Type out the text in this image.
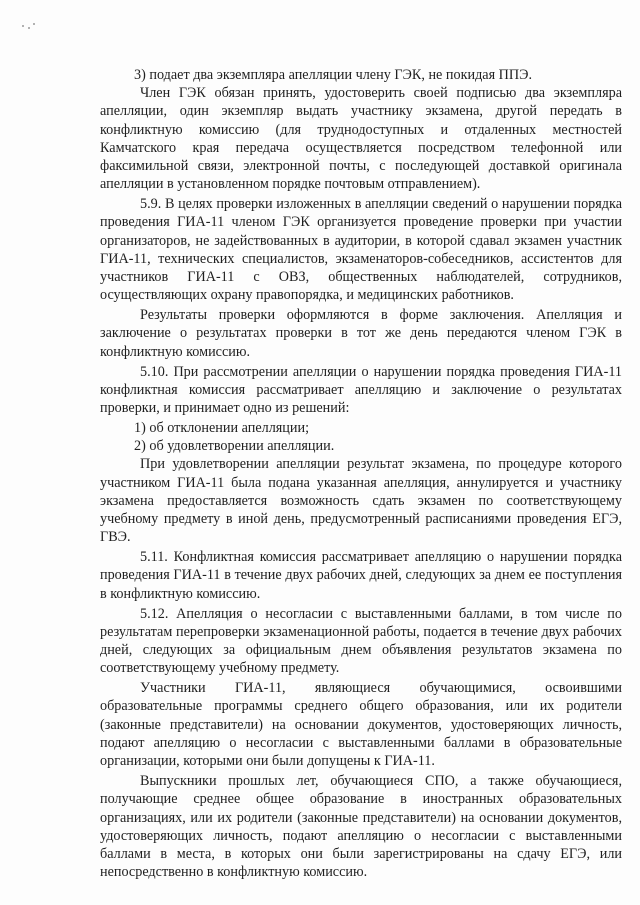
3) подает два экземпляра апелляции члену ГЭК, не покидая ППЭ.

Член ГЭК обязан принять, удостоверить своей подписью два экземпляра апелляции, один экземпляр выдать участнику экзамена, другой передать в конфликтную комиссию (для труднодоступных и отдаленных местностей Камчатского края передача осуществляется посредством телефонной или факсимильной связи, электронной почты, с последующей доставкой оригинала апелляции в установленном порядке почтовым отправлением).

5.9. В целях проверки изложенных в апелляции сведений о нарушении порядка проведения ГИА-11 членом ГЭК организуется проведение проверки при участии организаторов, не задействованных в аудитории, в которой сдавал экзамен участник ГИА-11, технических специалистов, экзаменаторов-собеседников, ассистентов для участников ГИА-11 с ОВЗ, общественных наблюдателей, сотрудников, осуществляющих охрану правопорядка, и медицинских работников.

Результаты проверки оформляются в форме заключения. Апелляция и заключение о результатах проверки в тот же день передаются членом ГЭК в конфликтную комиссию.

5.10. При рассмотрении апелляции о нарушении порядка проведения ГИА-11 конфликтная комиссия рассматривает апелляцию и заключение о результатах проверки, и принимает одно из решений:

1) об отклонении апелляции;

2) об удовлетворении апелляции.

При удовлетворении апелляции результат экзамена, по процедуре которого участником ГИА-11 была подана указанная апелляция, аннулируется и участнику экзамена предоставляется возможность сдать экзамен по соответствующему учебному предмету в иной день, предусмотренный расписаниями проведения ЕГЭ, ГВЭ.

5.11. Конфликтная комиссия рассматривает апелляцию о нарушении порядка проведения ГИА-11 в течение двух рабочих дней, следующих за днем ее поступления в конфликтную комиссию.

5.12. Апелляция о несогласии с выставленными баллами, в том числе по результатам перепроверки экзаменационной работы, подается в течение двух рабочих дней, следующих за официальным днем объявления результатов экзамена по соответствующему учебному предмету.

Участники ГИА-11, являющиеся обучающимися, освоившими образовательные программы среднего общего образования, или их родители (законные представители) на основании документов, удостоверяющих личность, подают апелляцию о несогласии с выставленными баллами в образовательные организации, которыми они были допущены к ГИА-11.

Выпускники прошлых лет, обучающиеся СПО, а также обучающиеся, получающие среднее общее образование в иностранных образовательных организациях, или их родители (законные представители) на основании документов, удостоверяющих личность, подают апелляцию о несогласии с выставленными баллами в места, в которых они были зарегистрированы на сдачу ЕГЭ, или непосредственно в конфликтную комиссию.
